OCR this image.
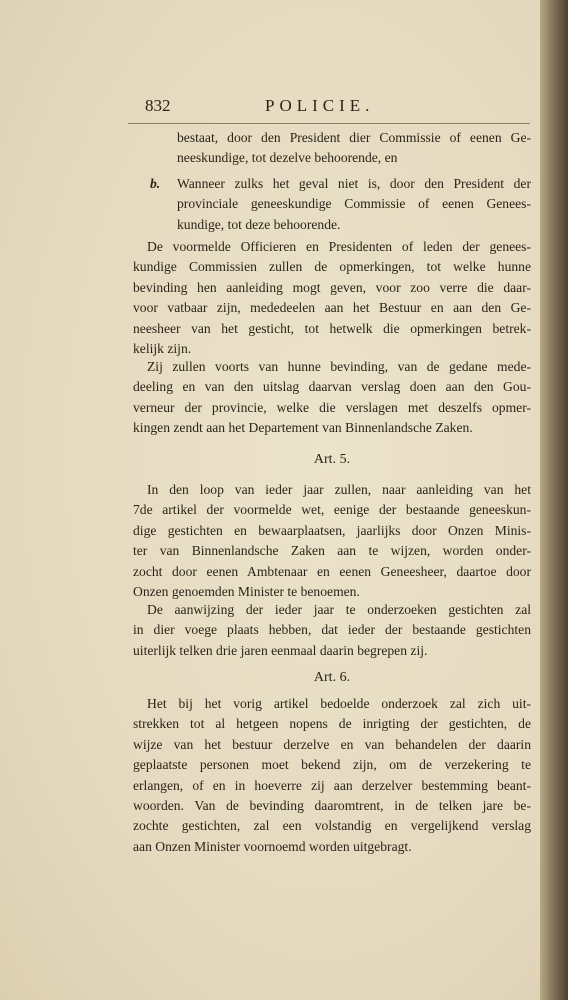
832	POLICIE.
bestaat, door den President dier Commissie of eenen Ge-
neeskundige, tot dezelve behoorende, en
b.	Wanneer zulks het geval niet is, door den President der
provinciale geneeskundige Commissie of eenen Genees-
kundige, tot deze behoorende.
De voormelde Officieren en Presidenten of leden der genees-
kundige Commissien zullen de opmerkingen, tot welke hunne
bevinding hen aanleiding mogt geven, voor zoo verre die daar-
voor vatbaar zijn, mededeelen aan het Bestuur en aan den Ge-
neesheer van het gesticht, tot hetwelk die opmerkingen betrek-
kelijk zijn.
Zij zullen voorts van hunne bevinding, van de gedane mede-
deeling en van den uitslag daarvan verslag doen aan den Gou-
verneur der provincie, welke die verslagen met deszelfs opmer-
kingen zendt aan het Departement van Binnenlandsche Zaken.
Art. 5.
In den loop van ieder jaar zullen, naar aanleiding van het
7de artikel der voormelde wet, eenige der bestaande geneeskun-
dige gestichten en bewaarplaatsen, jaarlijks door Onzen Minis-
ter van Binnenlandsche Zaken aan te wijzen, worden onder-
zocht door eenen Ambtenaar en eenen Geneesheer, daartoe door
Onzen genoemden Minister te benoemen.
De aanwijzing der ieder jaar te onderzoeken gestichten zal
in dier voege plaats hebben, dat ieder der bestaande gestichten
uiterlijk telken drie jaren eenmaal daarin begrepen zij.
Art. 6.
Het bij het vorig artikel bedoelde onderzoek zal zich uit-
strekken tot al hetgeen nopens de inrigting der gestichten, de
wijze van het bestuur derzelve en van behandelen der daarin
geplaatste personen moet bekend zijn, om de verzekering te
erlangen, of en in hoeverre zij aan derzelver bestemming beant-
woorden. Van de bevinding daaromtrent, in de telken jare be-
zochte gestichten, zal een volstandig en vergelijkend verslag
aan Onzen Minister voornoemd worden uitgebragt.
